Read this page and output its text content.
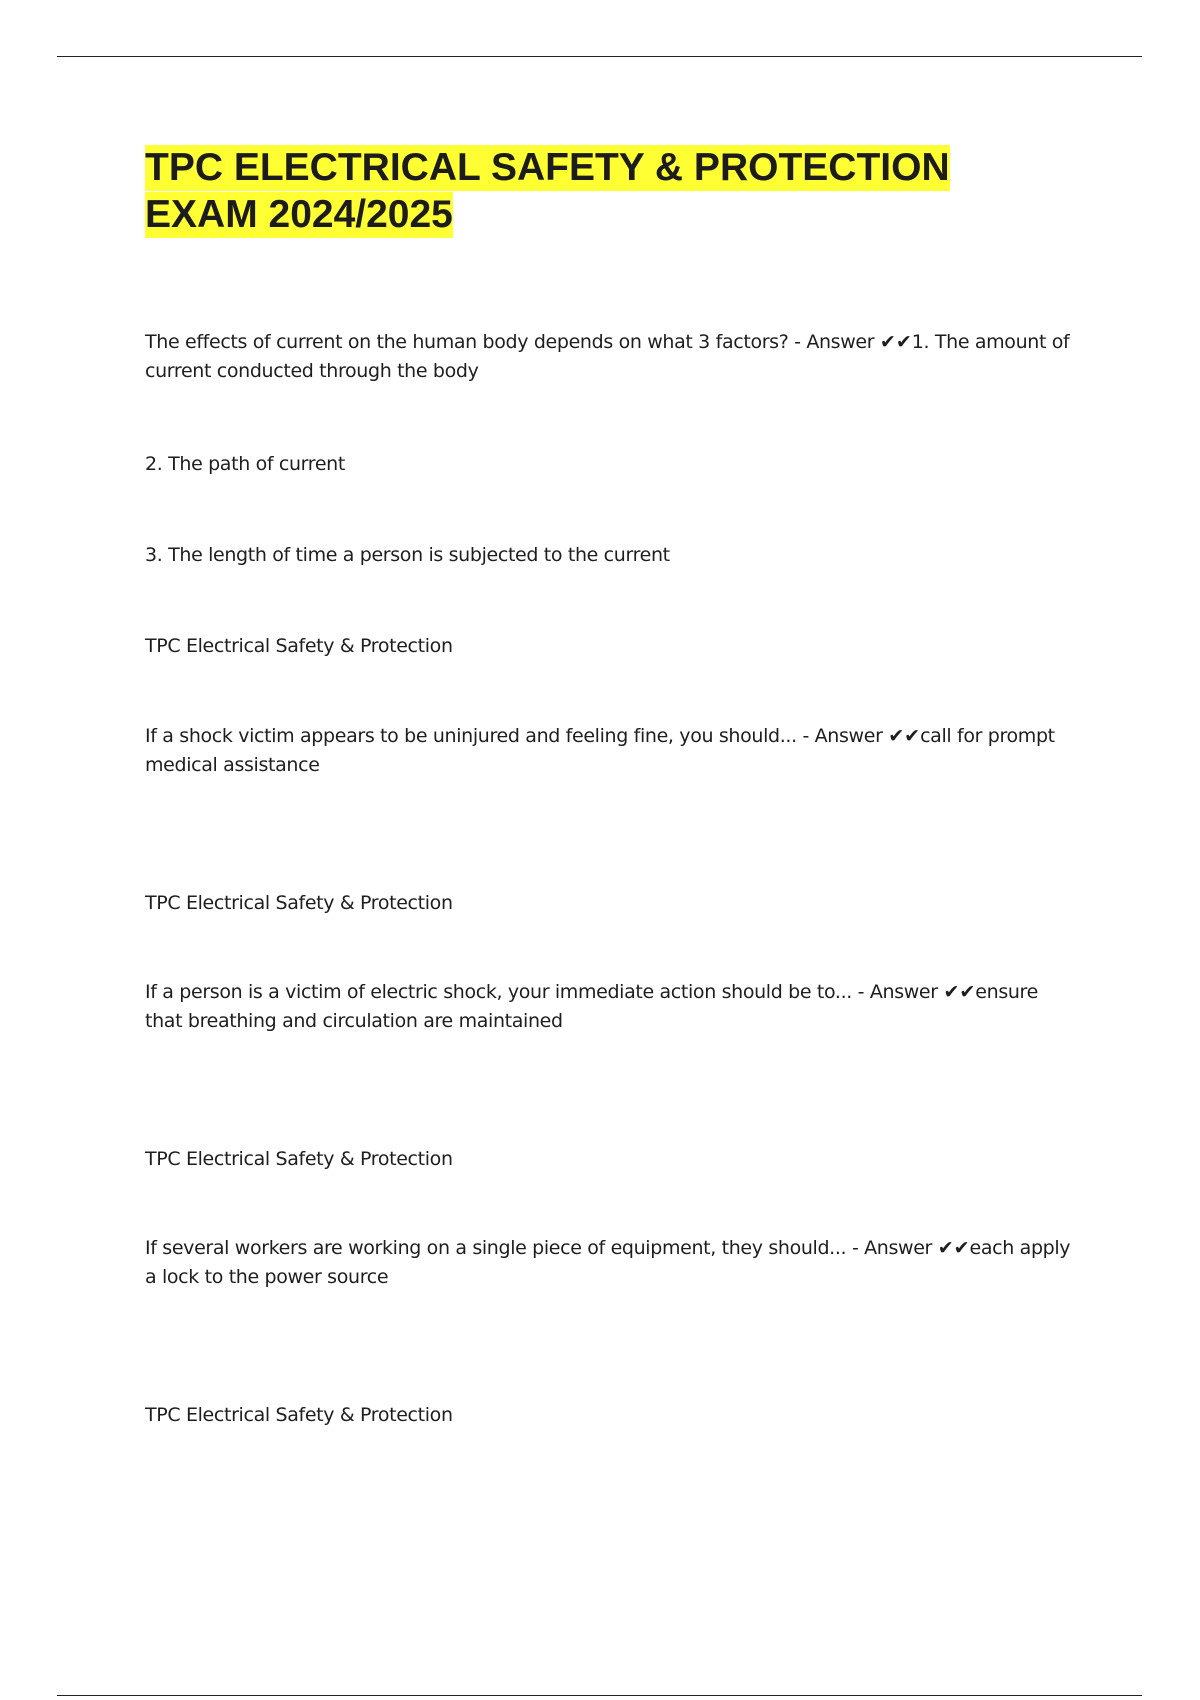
TPC ELECTRICAL SAFETY & PROTECTION
EXAM 2024/2025

The effects of current on the human body depends on what 3 factors? - Answer ✔✔1. The amount of current conducted through the body

2. The path of current

3. The length of time a person is subjected to the current

TPC Electrical Safety & Protection

If a shock victim appears to be uninjured and feeling fine, you should... - Answer ✔✔call for prompt medical assistance

TPC Electrical Safety & Protection

If a person is a victim of electric shock, your immediate action should be to... - Answer ✔✔ensure that breathing and circulation are maintained

TPC Electrical Safety & Protection

If several workers are working on a single piece of equipment, they should... - Answer ✔✔each apply a lock to the power source

TPC Electrical Safety & Protection
